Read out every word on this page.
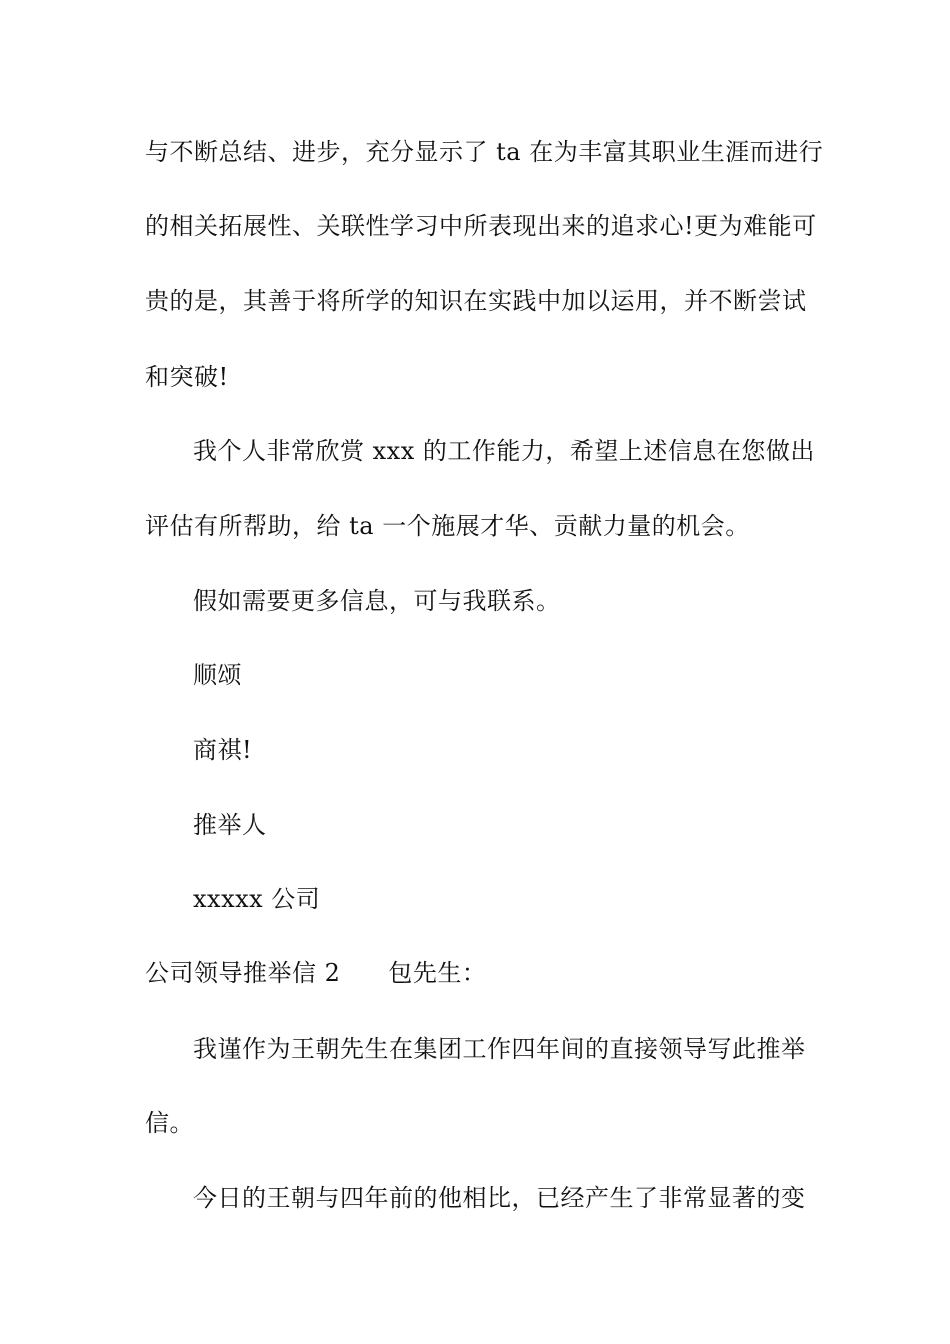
与不断总结、进步，充分显示了 ta 在为丰富其职业生涯而进行
的相关拓展性、关联性学习中所表现出来的追求心!更为难能可
贵的是，其善于将所学的知识在实践中加以运用，并不断尝试
和突破!
我个人非常欣赏 xxx 的工作能力，希望上述信息在您做出
评估有所帮助，给 ta 一个施展才华、贡献力量的机会。
假如需要更多信息，可与我联系。
顺颂
商祺!
推举人
xxxxx 公司
公司领导推举信 2 包先生：
我谨作为王朝先生在集团工作四年间的直接领导写此推举
信。
今日的王朝与四年前的他相比，已经产生了非常显著的变
